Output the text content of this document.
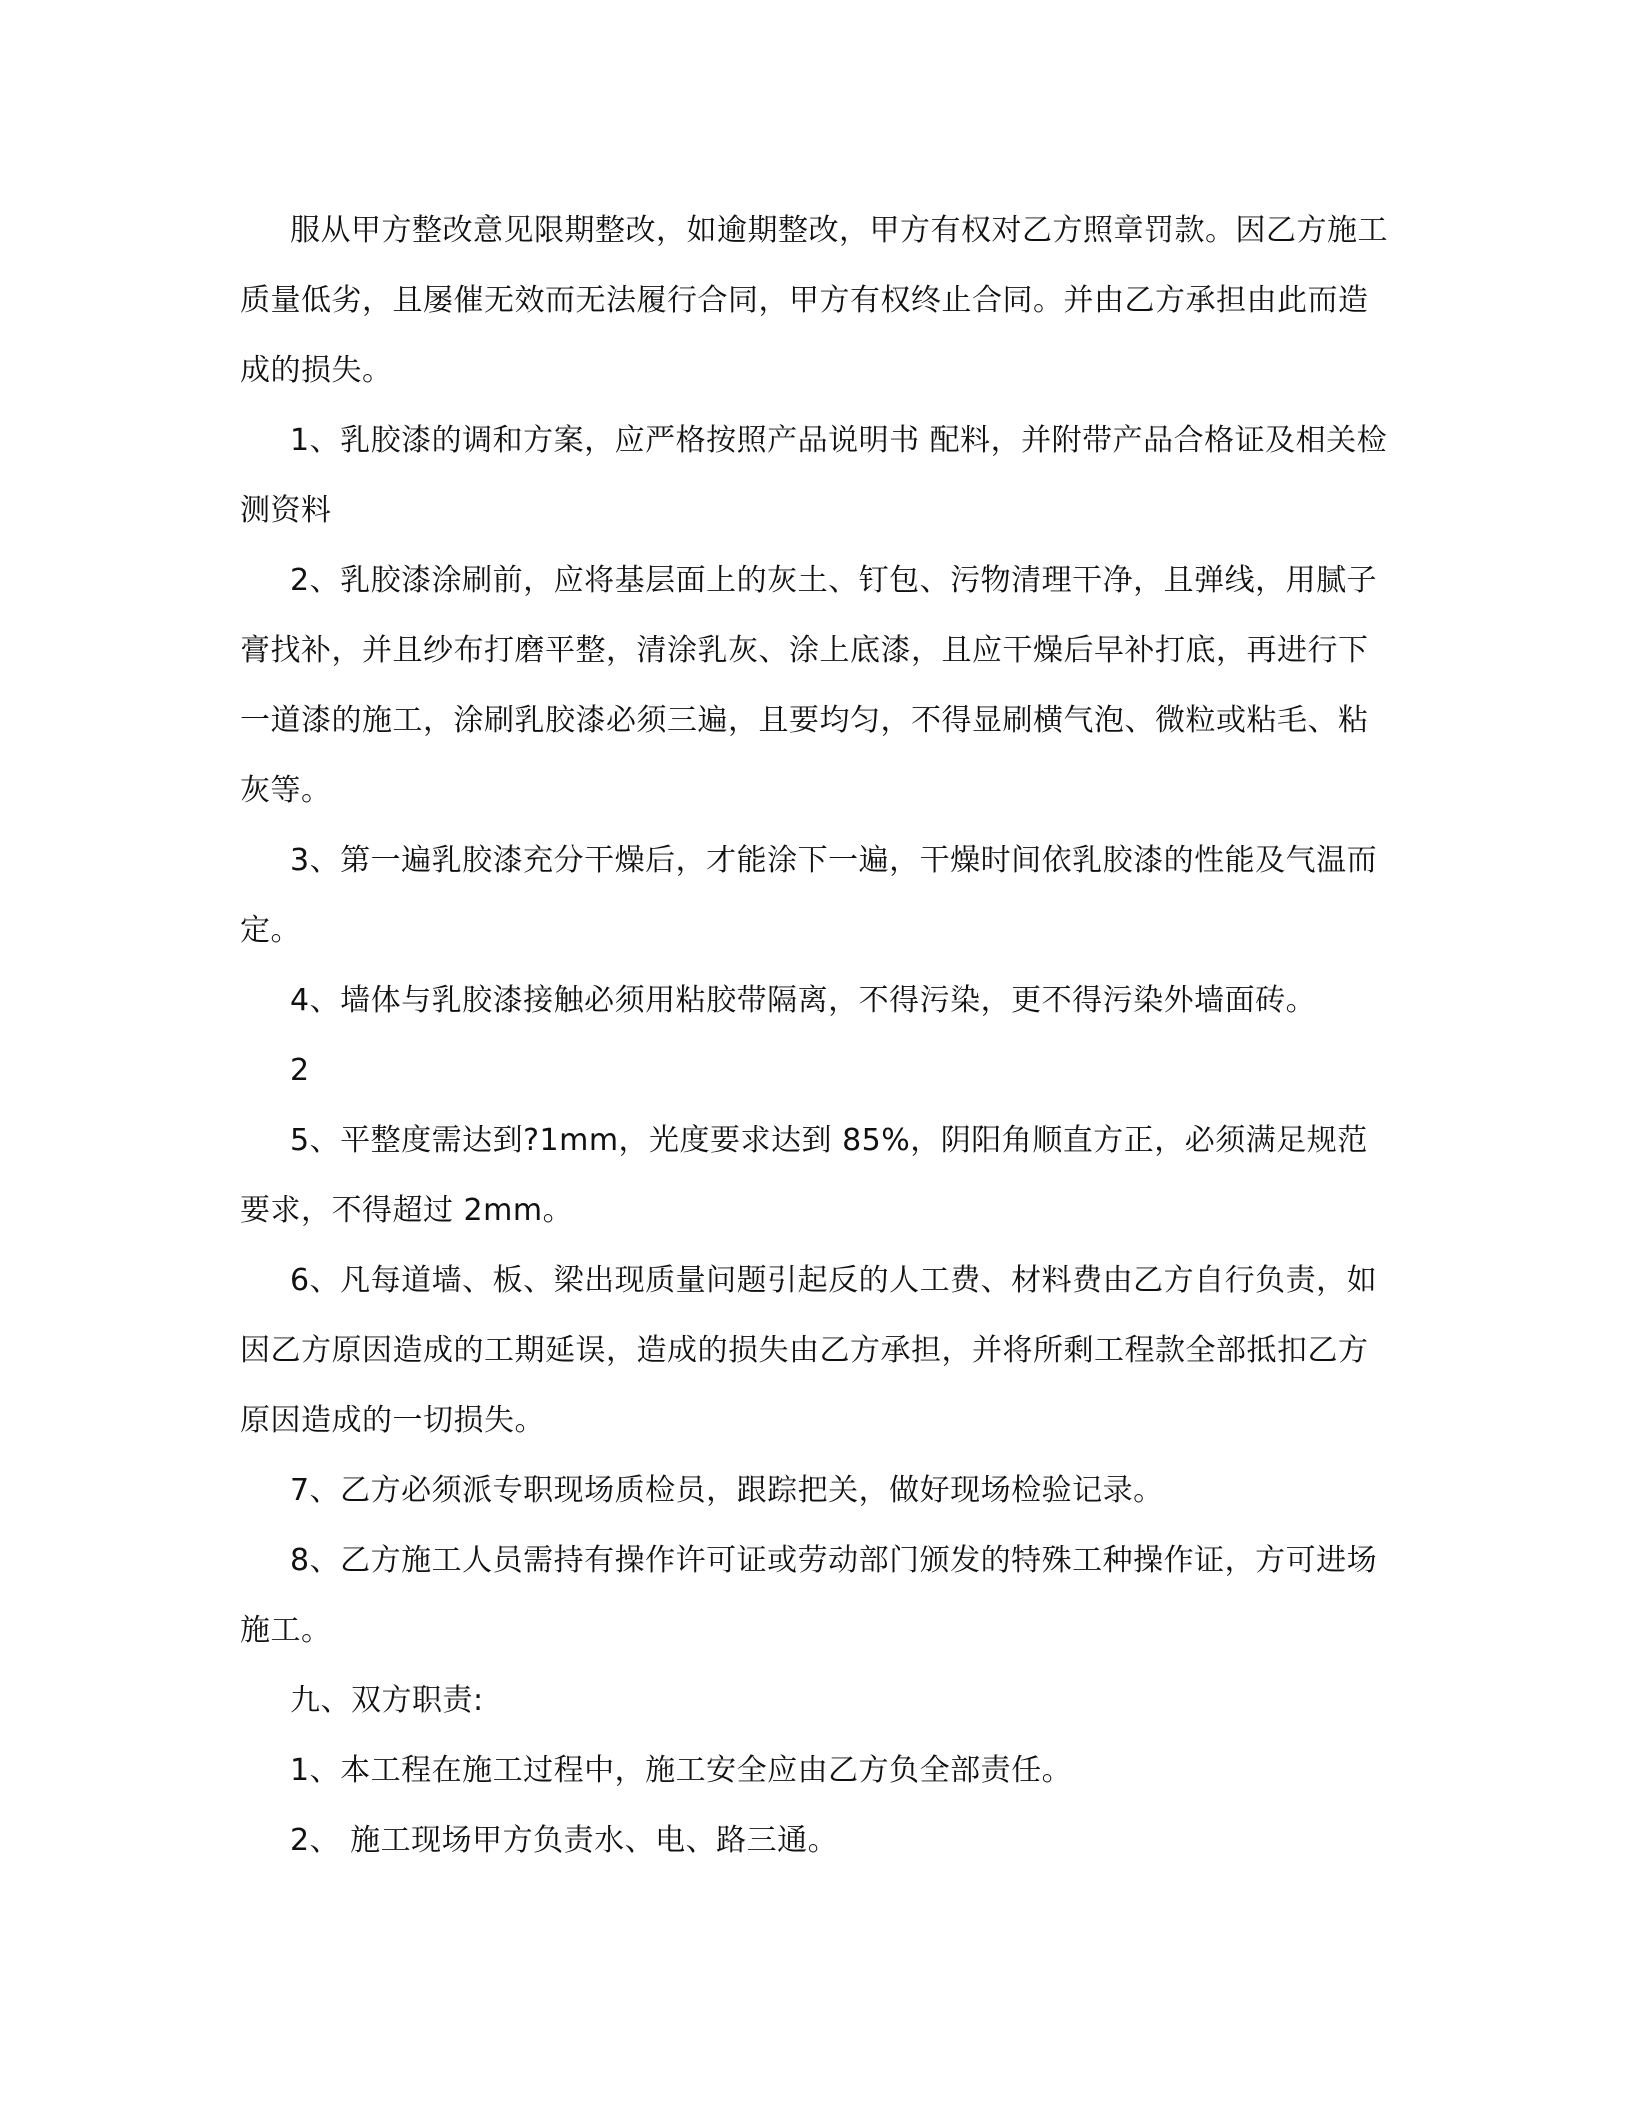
服从甲方整改意见限期整改，如逾期整改，甲方有权对乙方照章罚款。因乙方施工质量低劣，且屡催无效而无法履行合同，甲方有权终止合同。并由乙方承担由此而造成的损失。

1、乳胶漆的调和方案，应严格按照产品说明书 配料，并附带产品合格证及相关检测资料

2、乳胶漆涂刷前，应将基层面上的灰土、钉包、污物清理干净，且弹线，用腻子膏找补，并且纱布打磨平整，清涂乳灰、涂上底漆，且应干燥后早补打底，再进行下一道漆的施工，涂刷乳胶漆必须三遍，且要均匀，不得显刷横气泡、微粒或粘毛、粘灰等。

3、第一遍乳胶漆充分干燥后，才能涂下一遍，干燥时间依乳胶漆的性能及气温而定。

4、墙体与乳胶漆接触必须用粘胶带隔离，不得污染，更不得污染外墙面砖。

2

5、平整度需达到?1mm，光度要求达到 85%，阴阳角顺直方正，必须满足规范要求，不得超过 2mm。

6、凡每道墙、板、梁出现质量问题引起反的人工费、材料费由乙方自行负责，如因乙方原因造成的工期延误，造成的损失由乙方承担，并将所剩工程款全部抵扣乙方原因造成的一切损失。

7、乙方必须派专职现场质检员，跟踪把关，做好现场检验记录。

8、乙方施工人员需持有操作许可证或劳动部门颁发的特殊工种操作证，方可进场施工。

九、双方职责:

1、本工程在施工过程中，施工安全应由乙方负全部责任。

2、 施工现场甲方负责水、电、路三通。
